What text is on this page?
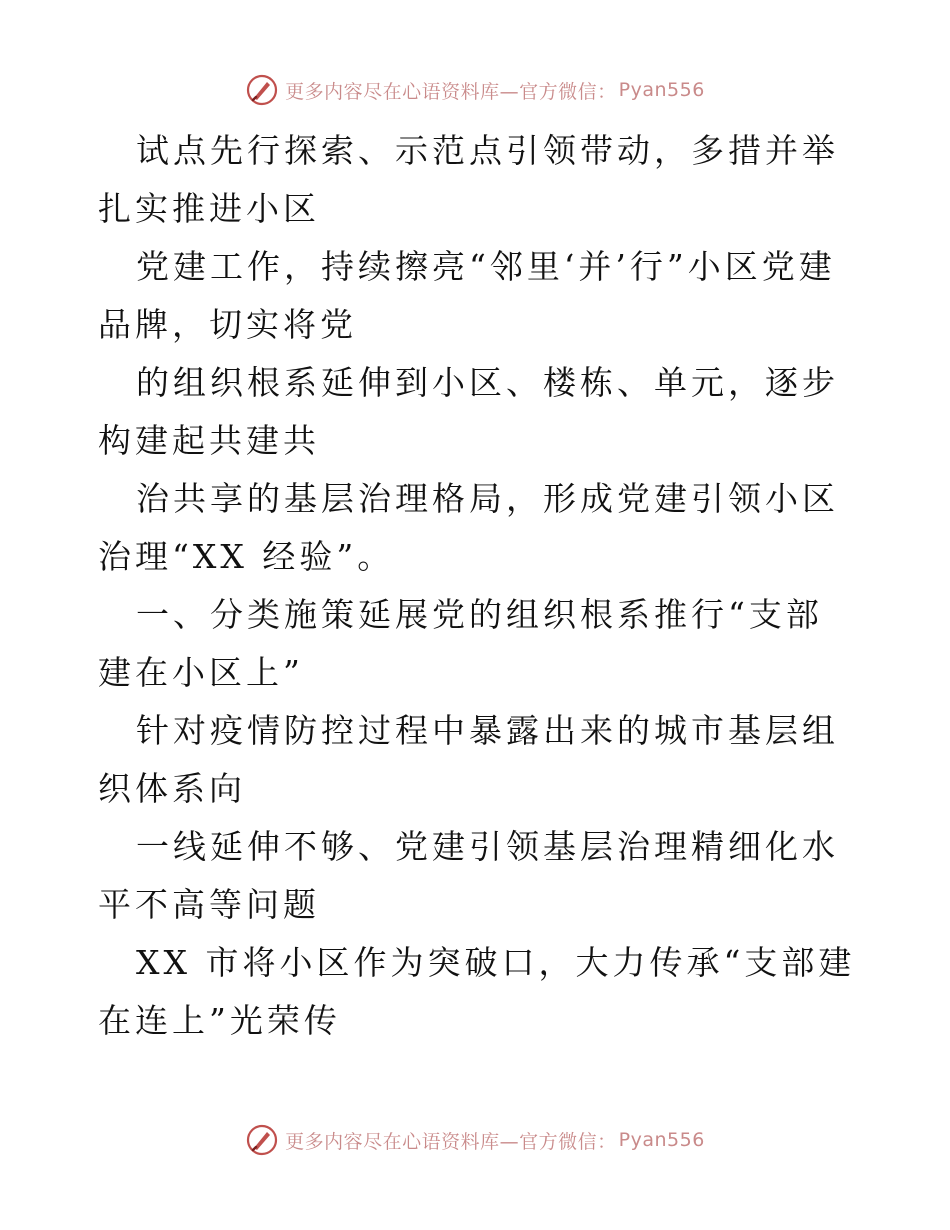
更多内容尽在心语资料库—官方微信： Pyan556

试点先行探索、示范点引领带动，多措并举扎实推进小区

党建工作，持续擦亮“邻里‘并’行”小区党建品牌，切实将党

的组织根系延伸到小区、楼栋、单元，逐步构建起共建共

治共享的基层治理格局，形成党建引领小区治理“XX 经验”。

一、分类施策延展党的组织根系推行“支部建在小区上”

针对疫情防控过程中暴露出来的城市基层组织体系向

一线延伸不够、党建引领基层治理精细化水平不高等问题

XX 市将小区作为突破口，大力传承“支部建在连上”光荣传

更多内容尽在心语资料库—官方微信： Pyan556
